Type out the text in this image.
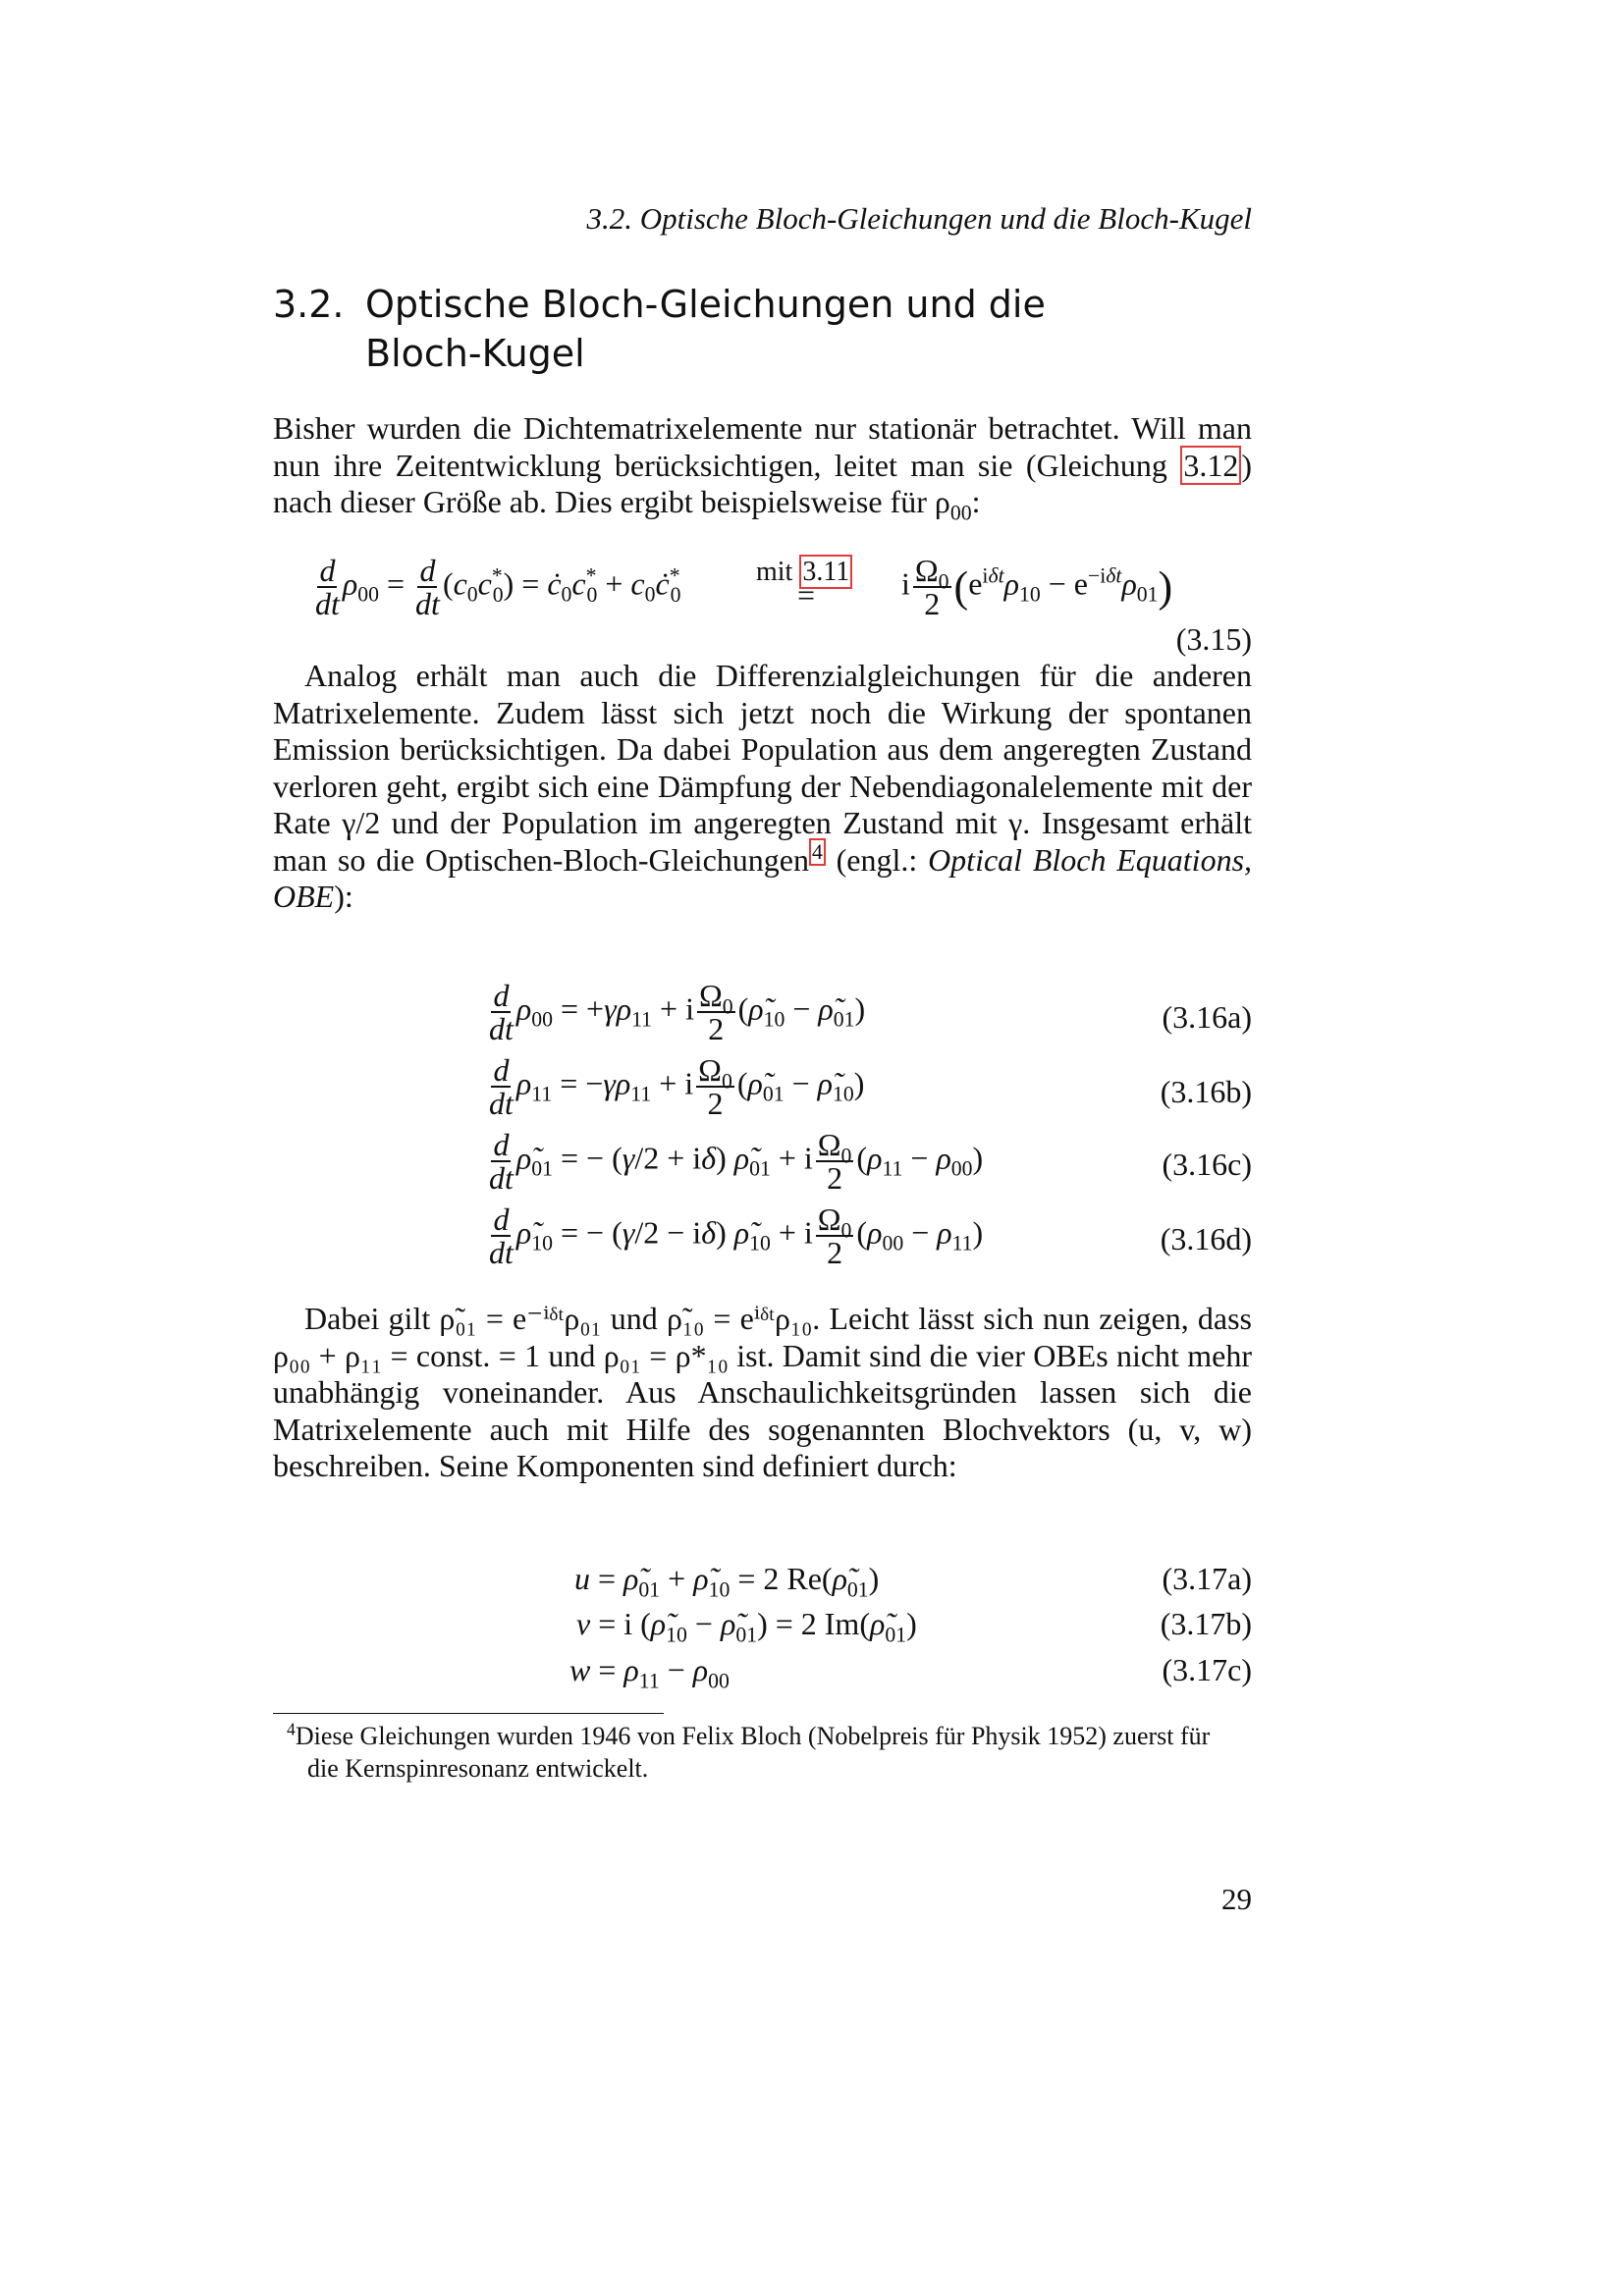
3.2. Optische Bloch-Gleichungen und die Bloch-Kugel
3.2. Optische Bloch-Gleichungen und die
Bloch-Kugel

Bisher wurden die Dichtematrixelemente nur stationär betrachtet. Will man nun ihre Zeitentwicklung berücksichtigen, leitet man sie (Gleichung 3.12) nach dieser Größe ab. Dies ergibt beispielsweise für $\rho_{00}$:

$\frac{d}{dt} \rho_{00} = \frac{d}{dt} (c_0c^*_0)$ = $ċ_0c^*_0$ + $c_0ċ^*_0$
mit 3.11
=	i $\frac{\Omega_0}{2} (e^{i\delta t}\rho_{10} - e^{-i\delta t}\rho_{01})$
(3.15)

Analog erhält man auch die Differenzialgleichungen für die anderen Matrixelemente. Zudem lässt sich jetzt noch die Wirkung der spontanen Emission berücksichtigen. Da dabei Population aus dem angeregten Zustand verloren geht, ergibt sich eine Dämpfung der Nebendiagonalelemente mit der Rate γ/2 und der Population im angeregten Zustand mit γ. Insgesamt erhält man so die Optischen-Bloch-Gleichungen $^4$ (engl.: Optical Bloch Equations, OBE):

$\frac{d}{dt} \rho_{00} = +\gamma\rho_{11} + i \frac{\Omega_0}{2}$ ($\rhõ_{10}$ − $\rhõ_{01}$)	(3.16a)
$\frac{d}{dt} \rho_{11} = -\gamma\rho_{11} + i \frac{\Omega_0}{2}$ ($\rhõ_{01}$ − $\rhõ_{10}$)	(3.16b)
$\frac{d}{dt}$ $\rhõ_{01}$ = − (γ/2 + iδ) $\rhõ_{01} + i \frac{\Omega_0}{2} (\rho_{11} - \rho_{00})$	(3.16c)
$\frac{d}{dt}$ $\rhõ_{10}$ = − (γ/2 − iδ) $\rhõ_{10} + i \frac{\Omega_0}{2} (\rho_{00} - \rho_{11})$	(3.16d)

Dabei gilt ρ̃₀₁ = e⁻ⁱᵟᵗρ₀₁ und ρ̃₁₀ = eⁱᵟᵗρ₁₀. Leicht lässt sich nun zeigen, dass ρ₀₀ + ρ₁₁ = const. = 1 und ρ₀₁ = ρ*₁₀ ist. Damit sind die vier OBEs nicht mehr unabhängig voneinander. Aus Anschaulichkeitsgründen lassen sich die Matrixelemente auch mit Hilfe des sogenannten Blochvektors (u, v, w) beschreiben. Seine Komponenten sind definiert durch:

$u = \rhõ_{01}$ + $\rhõ_{10} = 2$ $Re(\rhõ_{01})$	(3.17a)
v = i ($\rhõ_{10}$ − $\rhõ_{01}) = 2$ $Im(\rhõ_{01})$	(3.17b)
$w = \rho_{11} - \rho_{00}$	(3.17c)
$^4$Diese Gleichungen wurden 1946 von Felix Bloch (Nobelpreis für Physik 1952) zuerst für
die Kernspinresonanz entwickelt.
29
